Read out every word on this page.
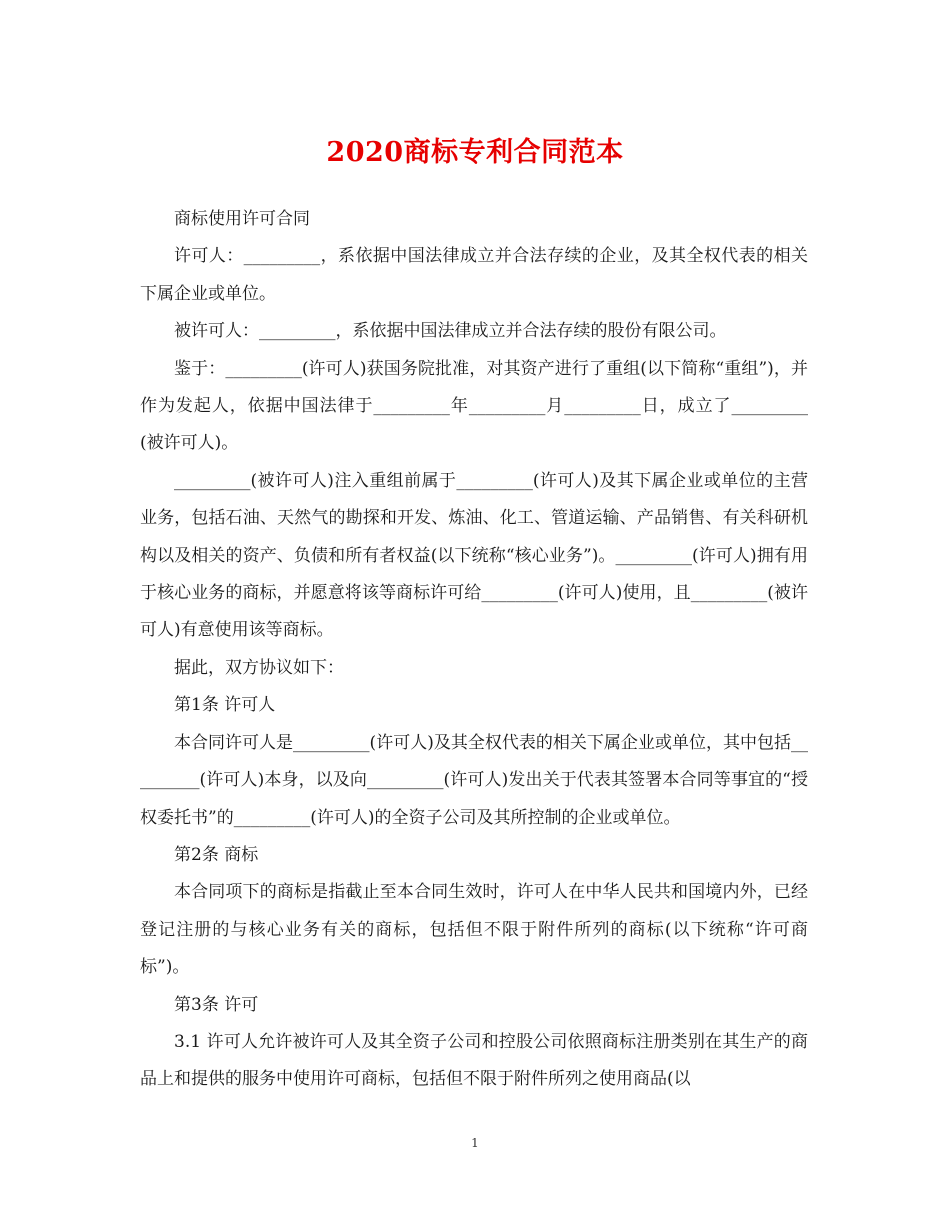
2020商标专利合同范本

商标使用许可合同

许可人：_________，系依据中国法律成立并合法存续的企业，及其全权代表的相关下属企业或单位。

被许可人：_________，系依据中国法律成立并合法存续的股份有限公司。

鉴于：_________(许可人)获国务院批准，对其资产进行了重组(以下简称“重组”)，并作为发起人，依据中国法律于_________年_________月_________日，成立了_________(被许可人)。

_________(被许可人)注入重组前属于_________(许可人)及其下属企业或单位的主营业务，包括石油、天然气的勘探和开发、炼油、化工、管道运输、产品销售、有关科研机构以及相关的资产、负债和所有者权益(以下统称“核心业务”)。_________(许可人)拥有用于核心业务的商标，并愿意将该等商标许可给_________(许可人)使用，且_________(被许可人)有意使用该等商标。

据此，双方协议如下：

第1条 许可人

本合同许可人是_________(许可人)及其全权代表的相关下属企业或单位，其中包括_________(许可人)本身，以及向_________(许可人)发出关于代表其签署本合同等事宜的“授权委托书”的_________(许可人)的全资子公司及其所控制的企业或单位。

第2条 商标

本合同项下的商标是指截止至本合同生效时，许可人在中华人民共和国境内外，已经登记注册的与核心业务有关的商标，包括但不限于附件所列的商标(以下统称“许可商标”)。

第3条 许可

3.1 许可人允许被许可人及其全资子公司和控股公司依照商标注册类别在其生产的商品上和提供的服务中使用许可商标，包括但不限于附件所列之使用商品(以

1
